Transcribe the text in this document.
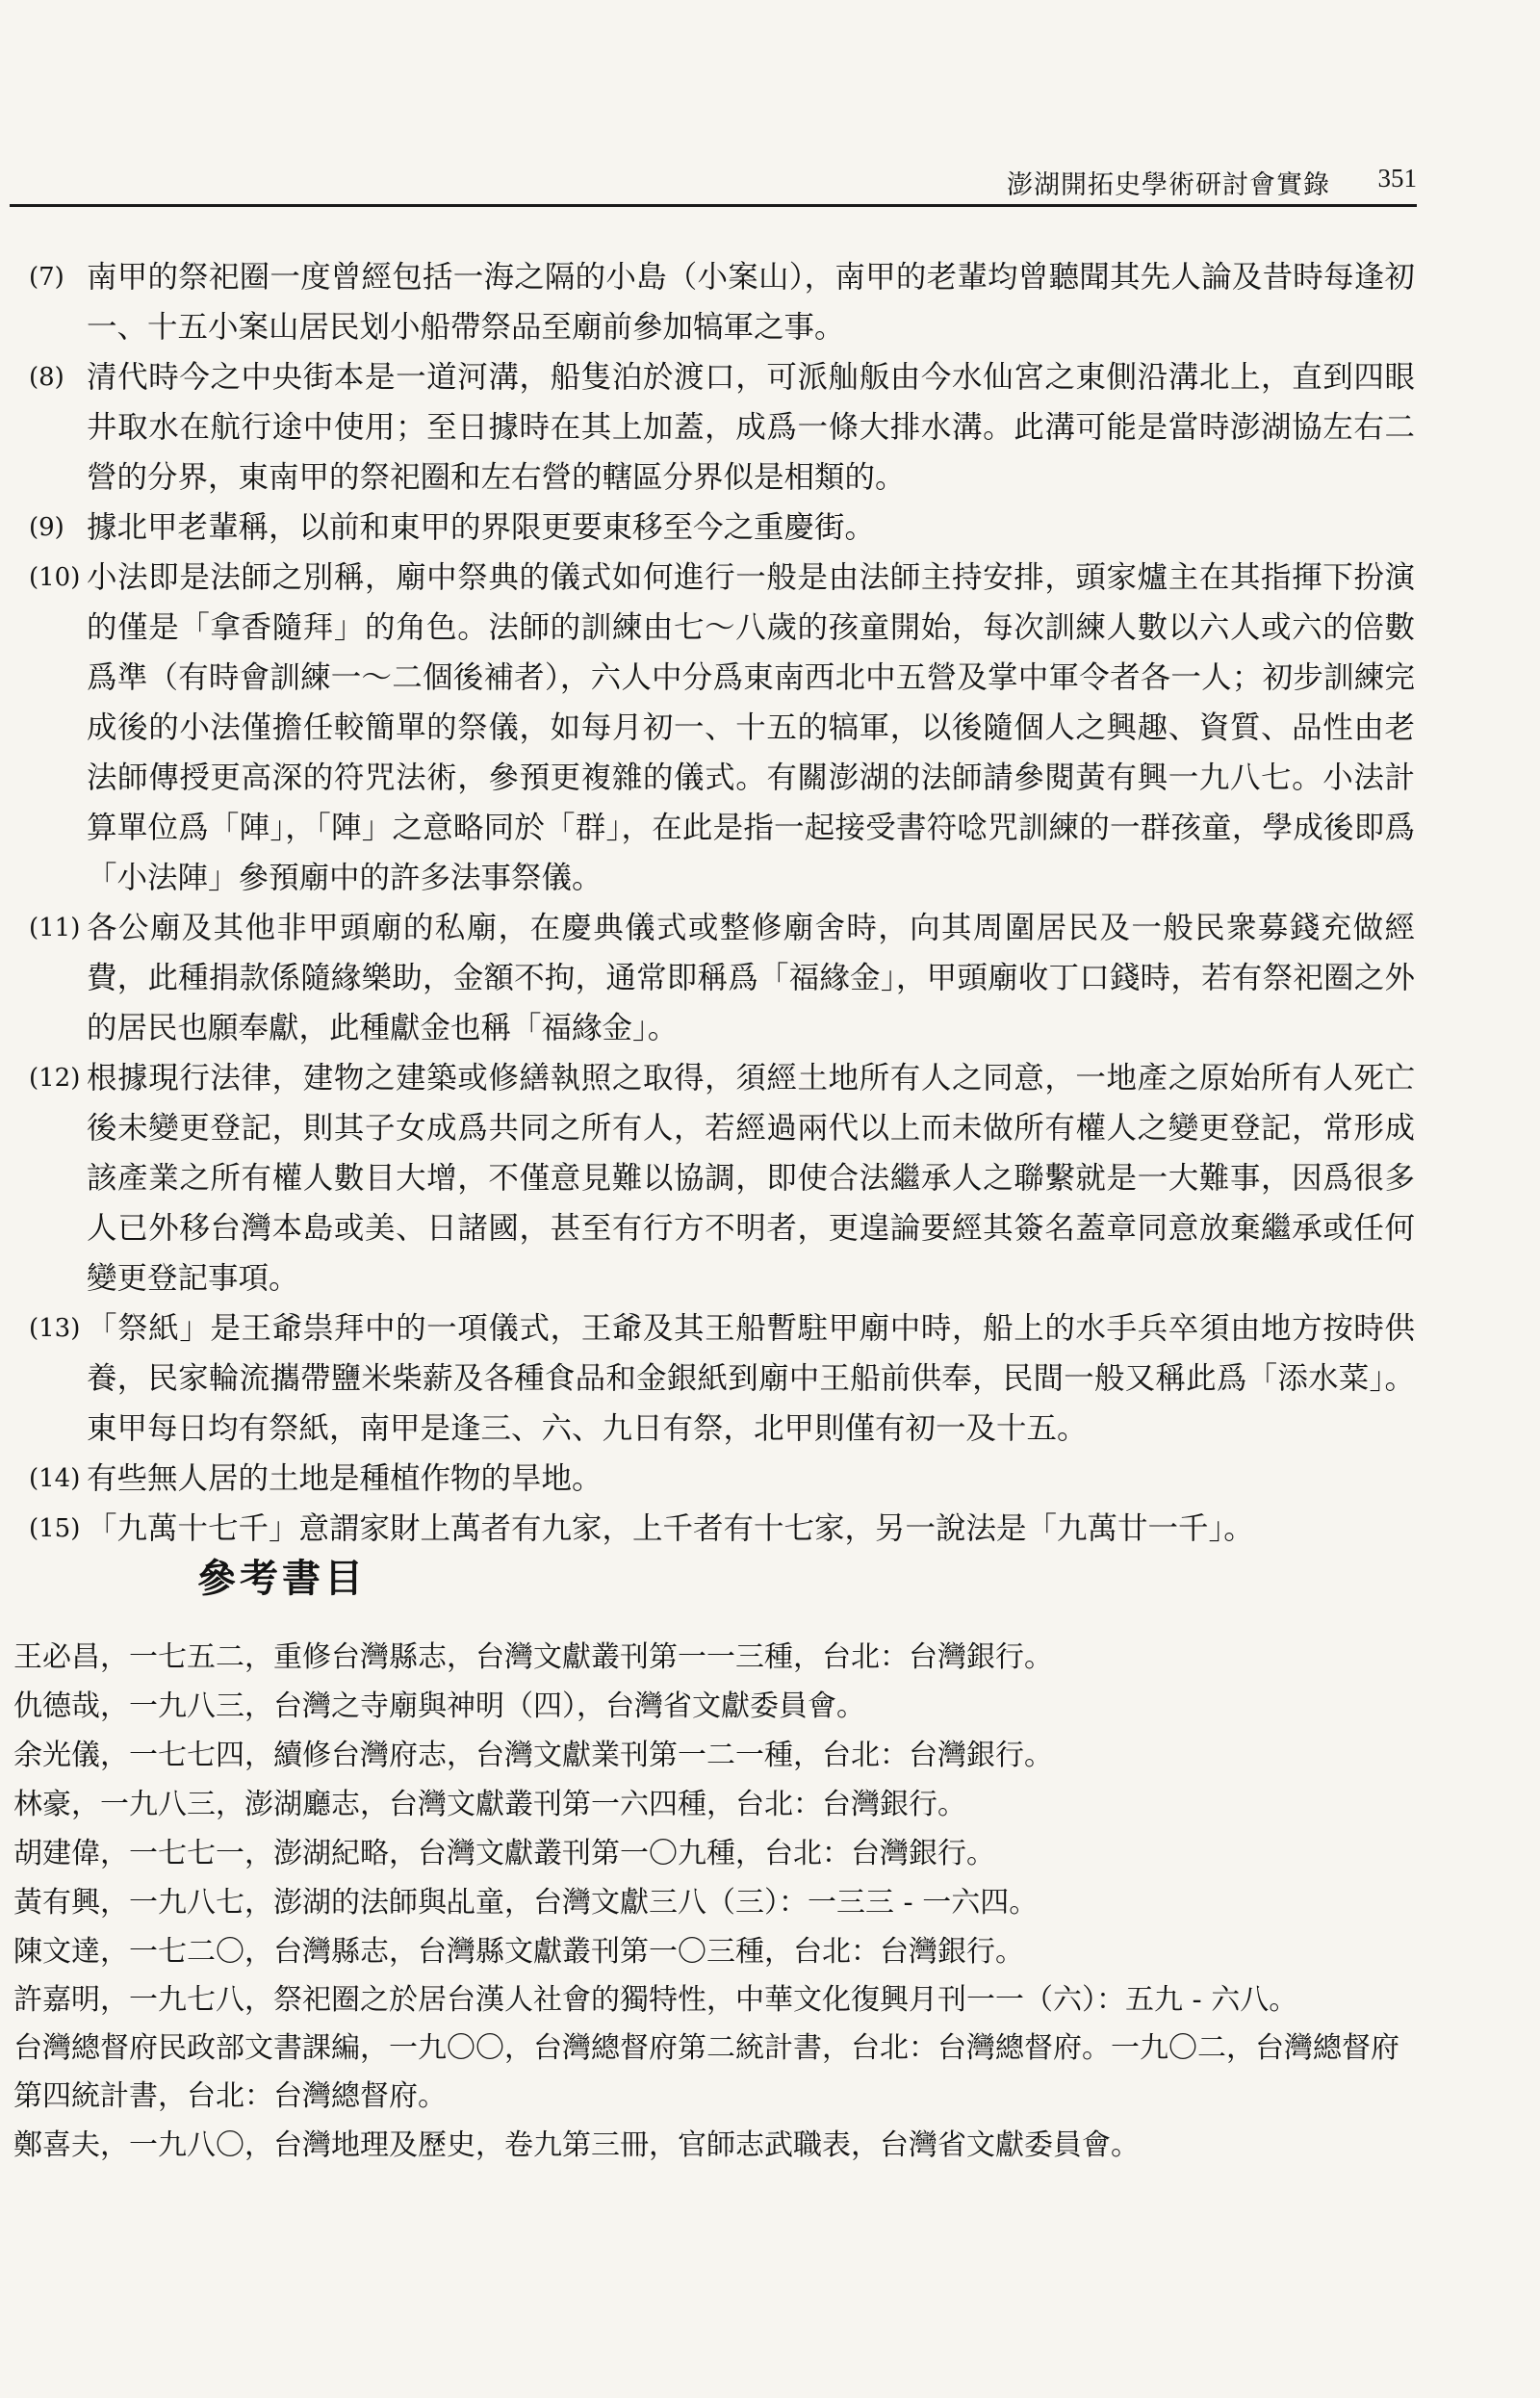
澎湖開拓史學術研討會實錄 351
(7) 南甲的祭祀圈一度曾經包括一海之隔的小島（小案山），南甲的老輩均曾聽聞其先人論及昔時每逢初一、十五小案山居民划小船帶祭品至廟前參加犒軍之事。
(8) 清代時今之中央街本是一道河溝，船隻泊於渡口，可派舢舨由今水仙宮之東側沿溝北上，直到四眼井取水在航行途中使用；至日據時在其上加蓋，成爲一條大排水溝。此溝可能是當時澎湖協左右二營的分界，東南甲的祭祀圈和左右營的轄區分界似是相類的。
(9) 據北甲老輩稱，以前和東甲的界限更要東移至今之重慶街。
(10) 小法即是法師之別稱，廟中祭典的儀式如何進行一般是由法師主持安排，頭家爐主在其指揮下扮演的僅是「拿香隨拜」的角色。法師的訓練由七～八歲的孩童開始，每次訓練人數以六人或六的倍數爲準（有時會訓練一～二個後補者），六人中分爲東南西北中五營及掌中軍令者各一人；初步訓練完成後的小法僅擔任較簡單的祭儀，如每月初一、十五的犒軍，以後隨個人之興趣、資質、品性由老法師傳授更高深的符咒法術，參預更複雜的儀式。有關澎湖的法師請參閱黃有興一九八七。小法計算單位爲「陣」，「陣」之意略同於「群」，在此是指一起接受書符唸咒訓練的一群孩童，學成後即爲「小法陣」參預廟中的許多法事祭儀。
(11) 各公廟及其他非甲頭廟的私廟，在慶典儀式或整修廟舍時，向其周圍居民及一般民衆募錢充做經費，此種捐款係隨緣樂助，金額不拘，通常即稱爲「福緣金」，甲頭廟收丁口錢時，若有祭祀圈之外的居民也願奉獻，此種獻金也稱「福緣金」。
(12) 根據現行法律，建物之建築或修繕執照之取得，須經土地所有人之同意，一地產之原始所有人死亡後未變更登記，則其子女成爲共同之所有人，若經過兩代以上而未做所有權人之變更登記，常形成該產業之所有權人數目大增，不僅意見難以協調，即使合法繼承人之聯繫就是一大難事，因爲很多人已外移台灣本島或美、日諸國，甚至有行方不明者，更遑論要經其簽名蓋章同意放棄繼承或任何變更登記事項。
(13) 「祭紙」是王爺祟拜中的一項儀式，王爺及其王船暫駐甲廟中時，船上的水手兵卒須由地方按時供養，民家輪流攜帶鹽米柴薪及各種食品和金銀紙到廟中王船前供奉，民間一般又稱此爲「添水菜」。東甲每日均有祭紙，南甲是逢三、六、九日有祭，北甲則僅有初一及十五。
(14) 有些無人居的土地是種植作物的旱地。
(15) 「九萬十七千」意謂家財上萬者有九家，上千者有十七家，另一說法是「九萬廿一千」。
參考書目
王必昌，一七五二，重修台灣縣志，台灣文獻叢刊第一一三種，台北：台灣銀行。
仇德哉，一九八三，台灣之寺廟與神明（四），台灣省文獻委員會。
余光儀，一七七四，續修台灣府志，台灣文獻業刊第一二一種，台北：台灣銀行。
林豪，一九八三，澎湖廳志，台灣文獻叢刊第一六四種，台北：台灣銀行。
胡建偉，一七七一，澎湖紀略，台灣文獻叢刊第一〇九種，台北：台灣銀行。
黃有興，一九八七，澎湖的法師與乩童，台灣文獻三八（三）：一三三 - 一六四。
陳文達，一七二〇，台灣縣志，台灣縣文獻叢刊第一〇三種，台北：台灣銀行。
許嘉明，一九七八，祭祀圈之於居台漢人社會的獨特性，中華文化復興月刊一一（六）：五九 - 六八。
台灣總督府民政部文書課編，一九〇〇，台灣總督府第二統計書，台北：台灣總督府。一九〇二，台灣總督府第四統計書，台北：台灣總督府。
鄭喜夫，一九八〇，台灣地理及歷史，卷九第三冊，官師志武職表，台灣省文獻委員會。
